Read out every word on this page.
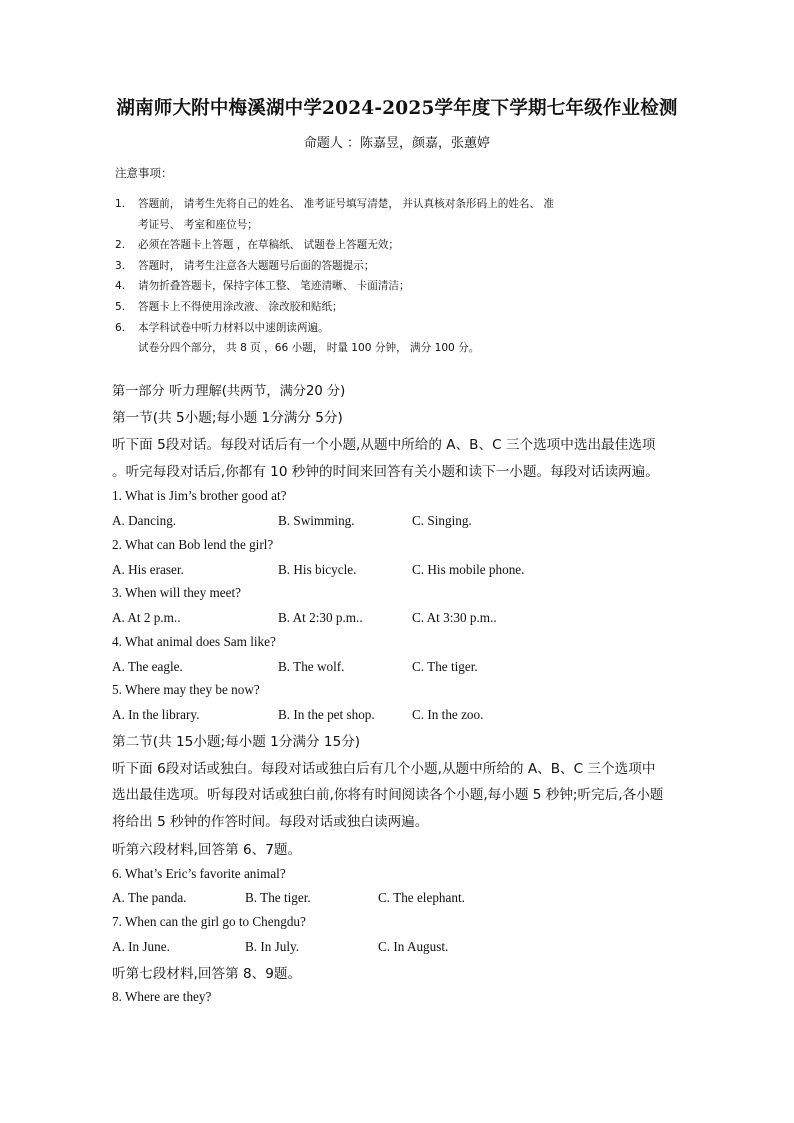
湖南师大附中梅溪湖中学2024-2025学年度下学期七年级作业检测
命题人 ：陈嘉昱，颜嘉，张蕙婷
注意事项：
1.	答题前， 请考生先将自己的姓名、 准考证号填写清楚， 并认真核对条形码上的姓名、 准
考证号、 考室和座位号；
2.	必须在答题卡上答题 ，在草稿纸、 试题卷上答题无效；
3.	答题时， 请考生注意各大题题号后面的答题提示；
4.	请勿折叠答题卡，保持字体工整、 笔迹清晰、 卡面清洁；
5.	答题卡上不得使用涂改液、 涂改胶和贴纸；
6.	本学科试卷中听力材料以中速朗读两遍。
试卷分四个部分， 共 8 页 ，66 小题， 时量 100 分钟， 满分 100 分。
第一部分 听力理解(共两节，满分20 分)
第一节(共 5小题;每小题 1分满分 5分)
听下面 5段对话。每段对话后有一个小题,从题中所给的 A、B、C 三个选项中选出最佳选项
。听完每段对话后,你都有 10 秒钟的时间来回答有关小题和读下一小题。每段对话读两遍。
1. What is Jim’s brother good at?
A. Dancing.	B. Swimming.	C. Singing.
2. What can Bob lend the girl?
A. His eraser.	B. His bicycle.	C. His mobile phone.
3. When will they meet?
A. At 2 p.m..	B. At 2:30 p.m..	C. At 3:30 p.m..
4. What animal does Sam like?
A. The eagle.	B. The wolf.	C. The tiger.
5. Where may they be now?
A. In the library.	B. In the pet shop.	C. In the zoo.
第二节(共 15小题;每小题 1分满分 15分)
听下面 6段对话或独白。每段对话或独白后有几个小题,从题中所给的 A、B、C 三个选项中
选出最佳选项。听每段对话或独白前,你将有时间阅读各个小题,每小题 5 秒钟;听完后,各小题
将给出 5 秒钟的作答时间。每段对话或独白读两遍。
听第六段材料,回答第 6、7题。
6. What’s Eric’s favorite animal?
A. The panda.	B. The tiger.	C. The elephant.
7. When can the girl go to Chengdu?
A. In June.	B. In July.	C. In August.
听第七段材料,回答第 8、9题。
8. Where are they?
